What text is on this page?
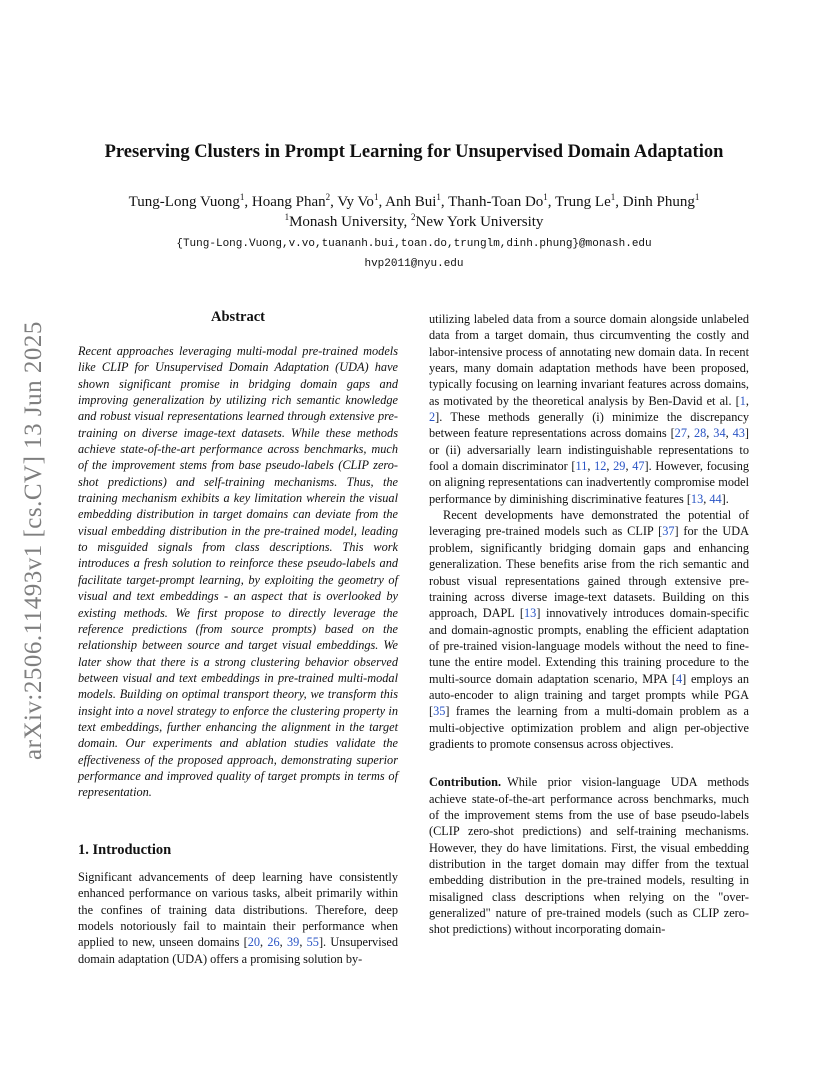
arXiv:2506.11493v1 [cs.CV] 13 Jun 2025
Preserving Clusters in Prompt Learning for Unsupervised Domain Adaptation
Tung-Long Vuong$^1$, Hoang Phan$^2$, Vy Vo$^1$, Anh Bui$^1$, Thanh-Toan Do$^1$, Trung Le$^1$, Dinh Phung$^1$
$^1$Monash University, $^2$New York University
{Tung-Long.Vuong,v.vo,tuananh.bui,toan.do,trunglm,dinh.phung}@monash.edu
hvp2011@nyu.edu
Abstract

Recent approaches leveraging multi-modal pre-trained models like CLIP for Unsupervised Domain Adaptation (UDA) have shown significant promise in bridging domain gaps and improving generalization by utilizing rich semantic knowledge and robust visual representations learned through extensive pre-training on diverse image-text datasets. While these methods achieve state-of-the-art performance across benchmarks, much of the improvement stems from base pseudo-labels (CLIP zero-shot predictions) and self-training mechanisms. Thus, the training mechanism exhibits a key limitation wherein the visual embedding distribution in target domains can deviate from the visual embedding distribution in the pre-trained model, leading to misguided signals from class descriptions. This work introduces a fresh solution to reinforce these pseudo-labels and facilitate target-prompt learning, by exploiting the geometry of visual and text embeddings - an aspect that is overlooked by existing methods. We first propose to directly leverage the reference predictions (from source prompts) based on the relationship between source and target visual embeddings. We later show that there is a strong clustering behavior observed between visual and text embeddings in pre-trained multi-modal models. Building on optimal transport theory, we transform this insight into a novel strategy to enforce the clustering property in text embeddings, further enhancing the alignment in the target domain. Our experiments and ablation studies validate the effectiveness of the proposed approach, demonstrating superior performance and improved quality of target prompts in terms of representation.

1. Introduction

Significant advancements of deep learning have consistently enhanced performance on various tasks, albeit primarily within the confines of training data distributions. Therefore, deep models notoriously fail to maintain their performance when applied to new, unseen domains [20, 26, 39, 55]. Unsupervised domain adaptation (UDA) offers a promising solution by-

utilizing labeled data from a source domain alongside unlabeled data from a target domain, thus circumventing the costly and labor-intensive process of annotating new domain data. In recent years, many domain adaptation methods have been proposed, typically focusing on learning invariant features across domains, as motivated by the theoretical analysis by Ben-David et al. [1, 2]. These methods generally (i) minimize the discrepancy between feature representations across domains [27, 28, 34, 43] or (ii) adversarially learn indistinguishable representations to fool a domain discriminator [11, 12, 29, 47]. However, focusing on aligning representations can inadvertently compromise model performance by diminishing discriminative features [13, 44].

Recent developments have demonstrated the potential of leveraging pre-trained models such as CLIP [37] for the UDA problem, significantly bridging domain gaps and enhancing generalization. These benefits arise from the rich semantic and robust visual representations gained through extensive pre-training across diverse image-text datasets. Building on this approach, DAPL [13] innovatively introduces domain-specific and domain-agnostic prompts, enabling the efficient adaptation of pre-trained vision-language models without the need to fine-tune the entire model. Extending this training procedure to the multi-source domain adaptation scenario, MPA [4] employs an auto-encoder to align training and target prompts while PGA [35] frames the learning from a multi-domain problem as a multi-objective optimization problem and align per-objective gradients to promote consensus across objectives.

Contribution. While prior vision-language UDA methods achieve state-of-the-art performance across benchmarks, much of the improvement stems from the use of base pseudo-labels (CLIP zero-shot predictions) and self-training mechanisms. However, they do have limitations. First, the visual embedding distribution in the target domain may differ from the textual embedding distribution in the pre-trained models, resulting in misaligned class descriptions when relying on the "over-generalized" nature of pre-trained models (such as CLIP zero-shot predictions) without incorporating domain-
